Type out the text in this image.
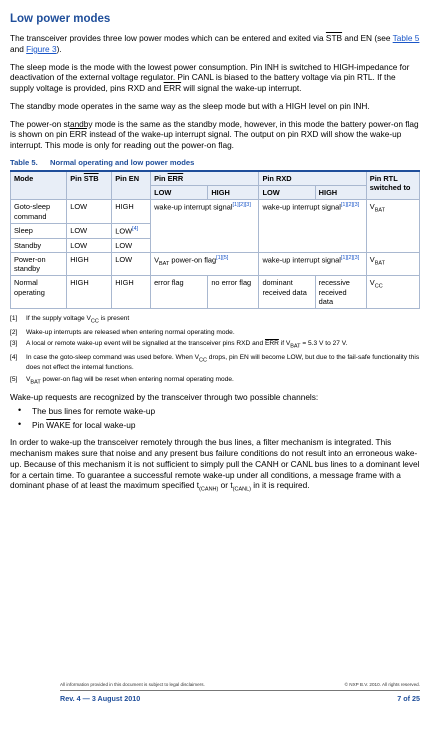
Low power modes

The transceiver provides three low power modes which can be entered and exited via $\overline{STB}$ and EN (see Table 5 and Figure 3).

The sleep mode is the mode with the lowest power consumption. Pin INH is switched to HIGH-impedance for deactivation of the external voltage regulator. Pin CANL is biased to the battery voltage via pin RTL. If the supply voltage is provided, pins RXD and $\overline{ERR}$ will signal the wake-up interrupt.

The standby mode operates in the same way as the sleep mode but with a HIGH level on pin INH.

The power-on standby mode is the same as the standby mode, however, in this mode the battery power-on flag is shown on pin $\overline{ERR}$ instead of the wake-up interrupt signal. The output on pin RXD will show the wake-up interrupt. This mode is only for reading out the power-on flag.

Table 5. Normal operating and low power modes
Mode	Pin $\overline{STB}$	Pin EN	Pin $\overline{ERR}$		Pin RXD		Pin RTL switched to
			LOW	HIGH	LOW	HIGH	
Goto-sleep command	LOW	HIGH	wake-up interrupt signal[1][2][3]		wake-up interrupt signal[1][2][3]		$V_{BAT}$
Sleep	LOW	LOW[4]
Standby	LOW	LOW					
Power-on standby	HIGH	LOW	$V_{BAT}$ power-on flag[1][5]		wake-up interrupt signal[1][2][3]		$V_{BAT}$
Normal operating	HIGH	HIGH	error flag	no error flag	dominant received data	recessive received data	$V_{CC}$
[1]	If the supply voltage $V_{CC}$ is present
[2]	Wake-up interrupts are released when entering normal operating mode.
[3]	A local or remote wake-up event will be signalled at the transceiver pins RXD and $\overline{ERR}$ if $V_{BAT} = 5.3$ V to 27 V.
[4]	In case the goto-sleep command was used before. When $V_{CC}$ drops, pin EN will become LOW, but due to the fail-safe functionality this does not effect the internal functions.
[5]	$V_{BAT}$ power-on flag will be reset when entering normal operating mode.

Wake-up requests are recognized by the transceiver through two possible channels:

•	The bus lines for remote wake-up
•	Pin WAKE for local wake-up

In order to wake-up the transceiver remotely through the bus lines, a filter mechanism is integrated. This mechanism makes sure that noise and any present bus failure conditions do not result into an erroneous wake-up. Because of this mechanism it is not sufficient to simply pull the CANH or CANL bus lines to a dominant level for a certain time. To guarantee a successful remote wake-up under all conditions, a message frame with a dominant phase of at least the maximum specified $t_{(CANH)}$ or $t_{(CANL)}$ in it is required.

All information provided in this document is subject to legal disclaimers.	© NXP B.V. 2010. All rights reserved.
Rev. 4 — 3 August 2010	7 of 25
